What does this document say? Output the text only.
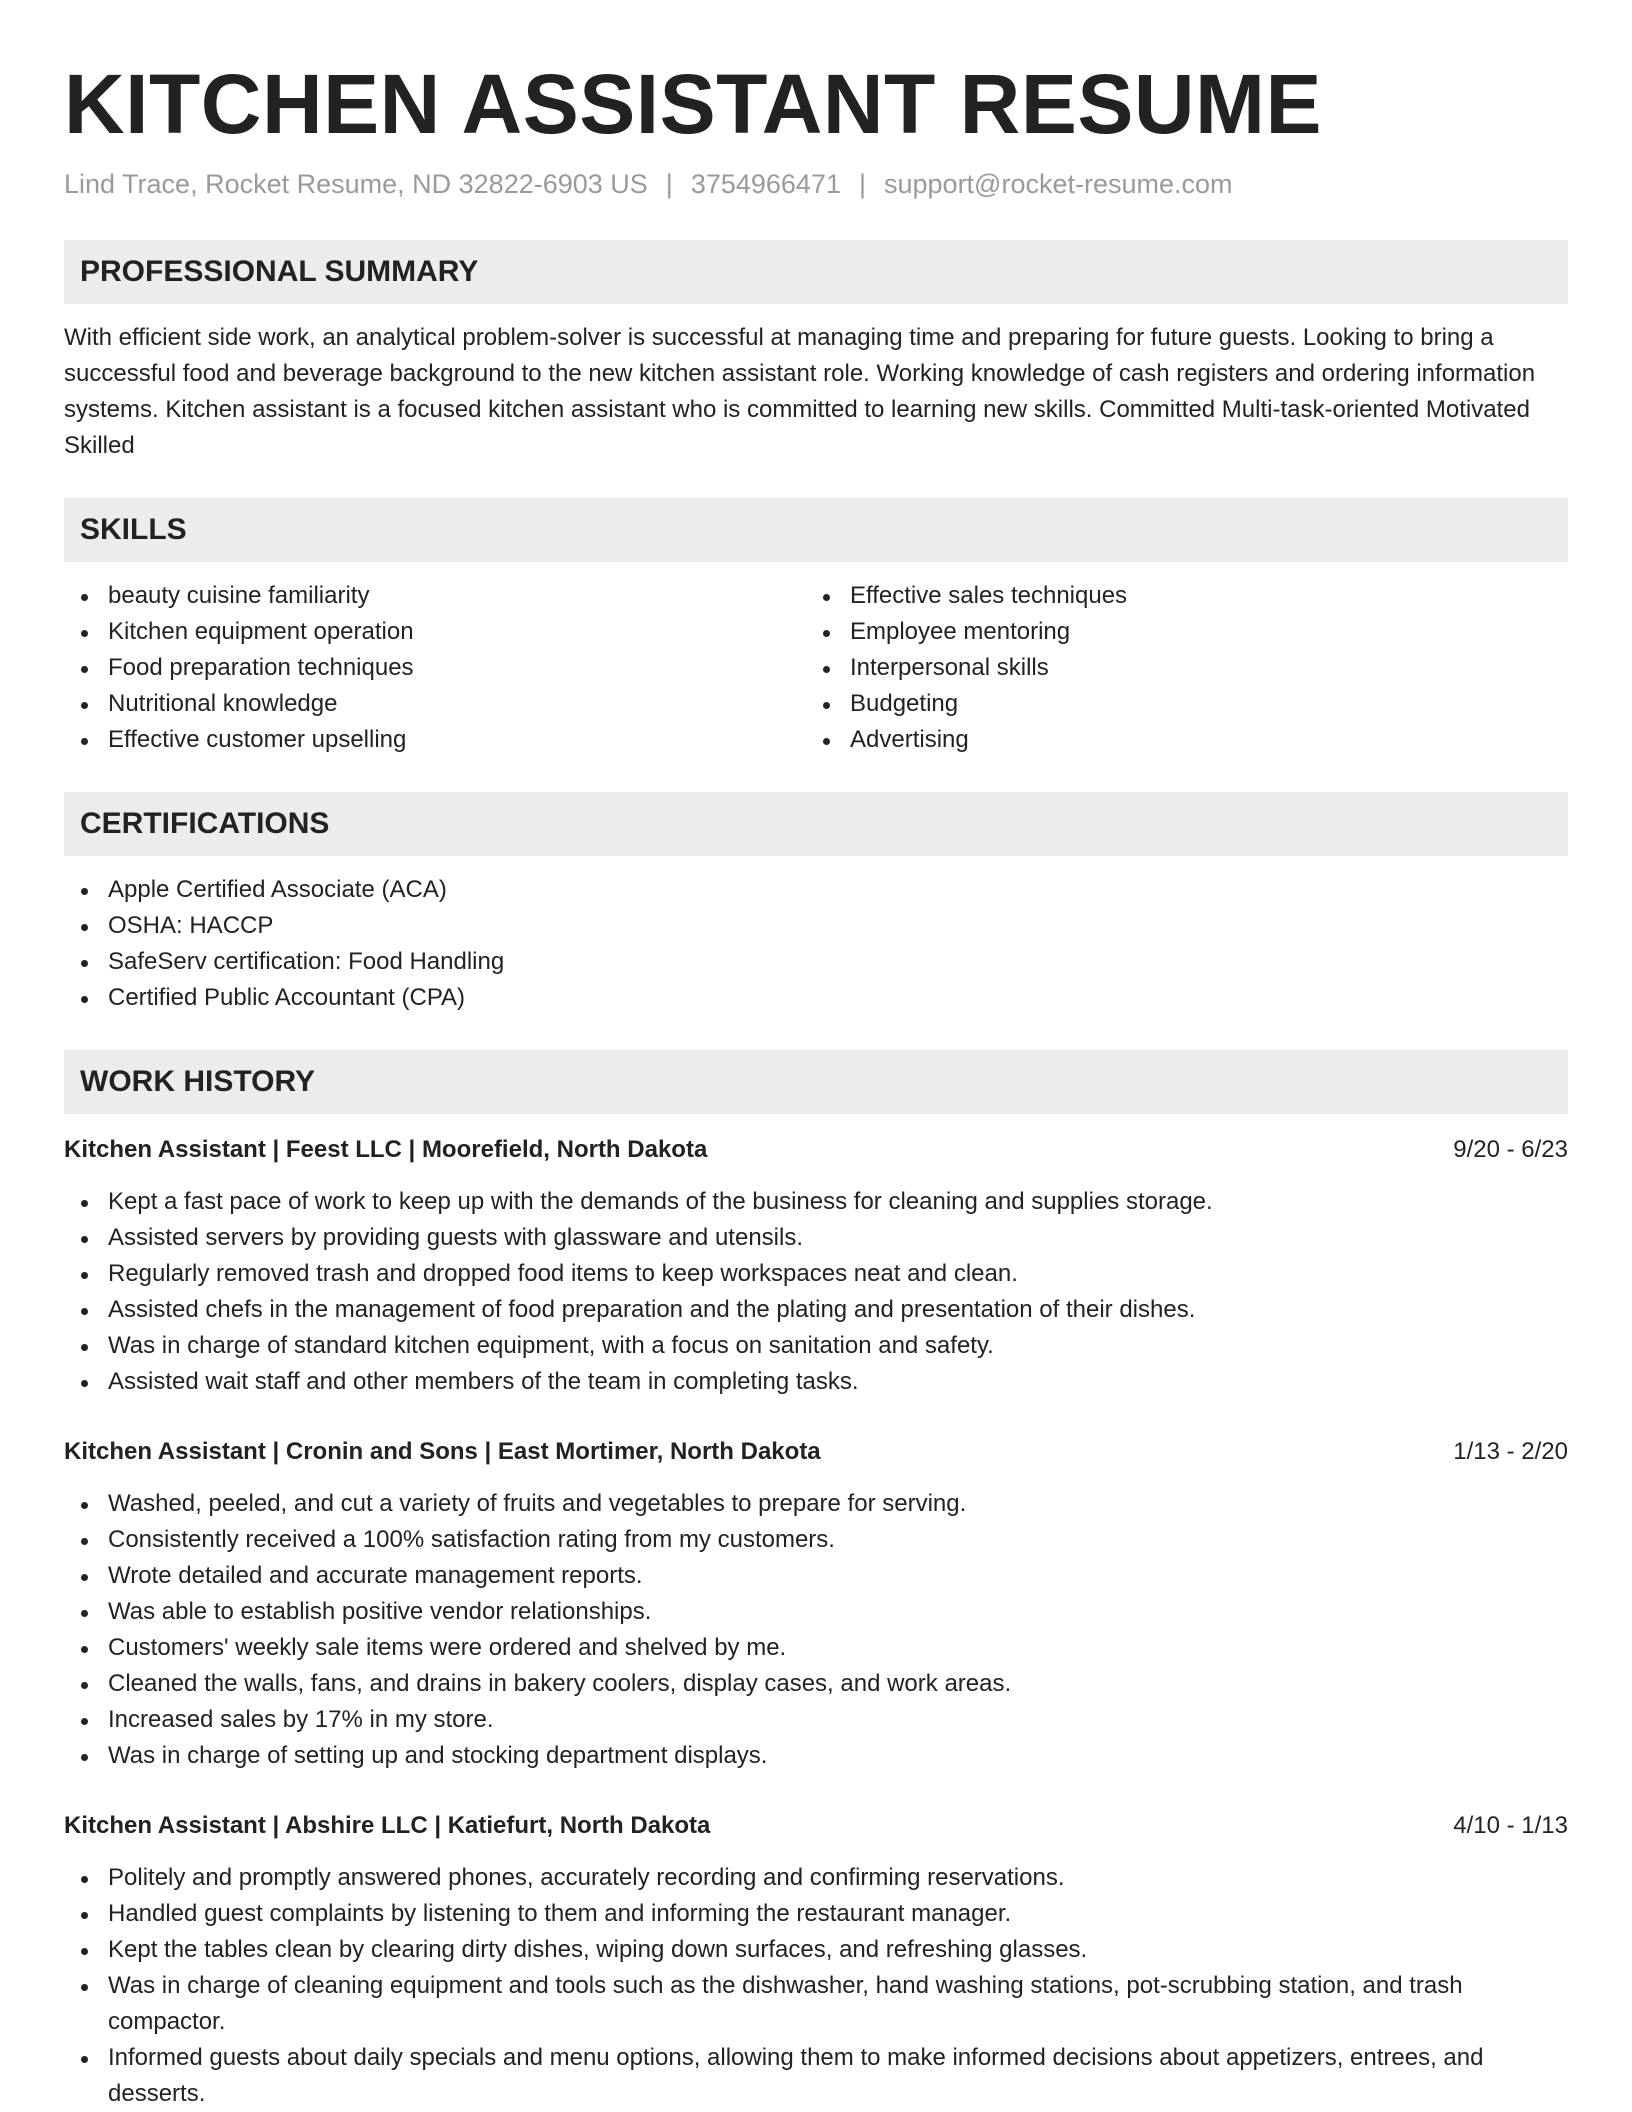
KITCHEN ASSISTANT RESUME
Lind Trace, Rocket Resume, ND 32822-6903 US | 3754966471 | support@rocket-resume.com
PROFESSIONAL SUMMARY

With efficient side work, an analytical problem-solver is successful at managing time and preparing for future guests. Looking to bring a successful food and beverage background to the new kitchen assistant role. Working knowledge of cash registers and ordering information systems. Kitchen assistant is a focused kitchen assistant who is committed to learning new skills. Committed Multi-task-oriented Motivated Skilled

SKILLS
beauty cuisine familiarity
Kitchen equipment operation
Food preparation techniques
Nutritional knowledge
Effective customer upselling
Effective sales techniques
Employee mentoring
Interpersonal skills
Budgeting
Advertising
CERTIFICATIONS
Apple Certified Associate (ACA)
OSHA: HACCP
SafeServ certification: Food Handling
Certified Public Accountant (CPA)
WORK HISTORY
Kitchen Assistant | Feest LLC | Moorefield, North Dakota	9/20 - 6/23
Kept a fast pace of work to keep up with the demands of the business for cleaning and supplies storage.
Assisted servers by providing guests with glassware and utensils.
Regularly removed trash and dropped food items to keep workspaces neat and clean.
Assisted chefs in the management of food preparation and the plating and presentation of their dishes.
Was in charge of standard kitchen equipment, with a focus on sanitation and safety.
Assisted wait staff and other members of the team in completing tasks.
Kitchen Assistant | Cronin and Sons | East Mortimer, North Dakota	1/13 - 2/20
Washed, peeled, and cut a variety of fruits and vegetables to prepare for serving.
Consistently received a 100% satisfaction rating from my customers.
Wrote detailed and accurate management reports.
Was able to establish positive vendor relationships.
Customers' weekly sale items were ordered and shelved by me.
Cleaned the walls, fans, and drains in bakery coolers, display cases, and work areas.
Increased sales by 17% in my store.
Was in charge of setting up and stocking department displays.
Kitchen Assistant | Abshire LLC | Katiefurt, North Dakota	4/10 - 1/13
Politely and promptly answered phones, accurately recording and confirming reservations.
Handled guest complaints by listening to them and informing the restaurant manager.
Kept the tables clean by clearing dirty dishes, wiping down surfaces, and refreshing glasses.
Was in charge of cleaning equipment and tools such as the dishwasher, hand washing stations, pot-scrubbing station, and trash compactor.
Informed guests about daily specials and menu options, allowing them to make informed decisions about appetizers, entrees, and desserts.
